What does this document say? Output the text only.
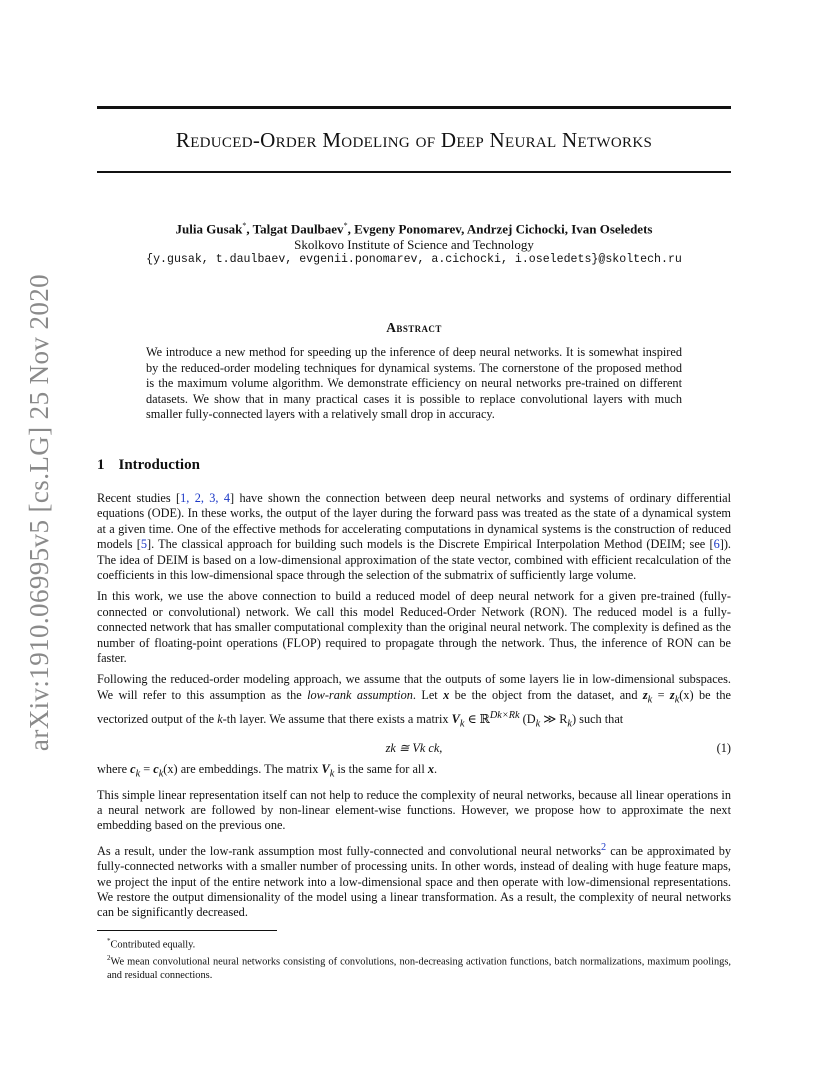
arXiv:1910.06995v5 [cs.LG] 25 Nov 2020
Reduced-Order Modeling of Deep Neural Networks
Julia Gusak*, Talgat Daulbaev*, Evgeny Ponomarev, Andrzej Cichocki, Ivan Oseledets
Skolkovo Institute of Science and Technology
{y.gusak, t.daulbaev, evgenii.ponomarev, a.cichocki, i.oseledets}@skoltech.ru
Abstract
We introduce a new method for speeding up the inference of deep neural networks. It is somewhat inspired by the reduced-order modeling techniques for dynamical systems. The cornerstone of the proposed method is the maximum volume algorithm. We demonstrate efficiency on neural networks pre-trained on different datasets. We show that in many practical cases it is possible to replace convolutional layers with much smaller fully-connected layers with a relatively small drop in accuracy.
1 Introduction

Recent studies [1, 2, 3, 4] have shown the connection between deep neural networks and systems of ordinary differential equations (ODE). In these works, the output of the layer during the forward pass was treated as the state of a dynamical system at a given time. One of the effective methods for accelerating computations in dynamical systems is the construction of reduced models [5]. The classical approach for building such models is the Discrete Empirical Interpolation Method (DEIM; see [6]). The idea of DEIM is based on a low-dimensional approximation of the state vector, combined with efficient recalculation of the coefficients in this low-dimensional space through the selection of the submatrix of sufficiently large volume.

In this work, we use the above connection to build a reduced model of deep neural network for a given pre-trained (fully-connected or convolutional) network. We call this model Reduced-Order Network (RON). The reduced model is a fully-connected network that has smaller computational complexity than the original neural network. The complexity is defined as the number of floating-point operations (FLOP) required to propagate through the network. Thus, the inference of RON can be faster.

Following the reduced-order modeling approach, we assume that the outputs of some layers lie in low-dimensional subspaces. We will refer to this assumption as the low-rank assumption. Let x be the object from the dataset, and $z_k = z_k(x)$ be the vectorized output of the k-th layer. We assume that there exists a matrix $V_k$ ∈ ℝ$^{Dk\times Rk}$ ($D_k$ ≫ $R_k$) such that

zk ≅ Vk ck,	(1)

where $c_k = c_k(x)$ are embeddings. The matrix $V_k$ is the same for all x.

This simple linear representation itself can not help to reduce the complexity of neural networks, because all linear operations in a neural network are followed by non-linear element-wise functions. However, we propose how to approximate the next embedding based on the previous one.

As a result, under the low-rank assumption most fully-connected and convolutional neural networks$^2$ can be approximated by fully-connected networks with a smaller number of processing units. In other words, instead of dealing with huge feature maps, we project the input of the entire network into a low-dimensional space and then operate with low-dimensional representations. We restore the output dimensionality of the model using a linear transformation. As a result, the complexity of neural networks can be significantly decreased.

*Contributed equally.

$^2$We mean convolutional neural networks consisting of convolutions, non-decreasing activation functions, batch normalizations, maximum poolings, and residual connections.
